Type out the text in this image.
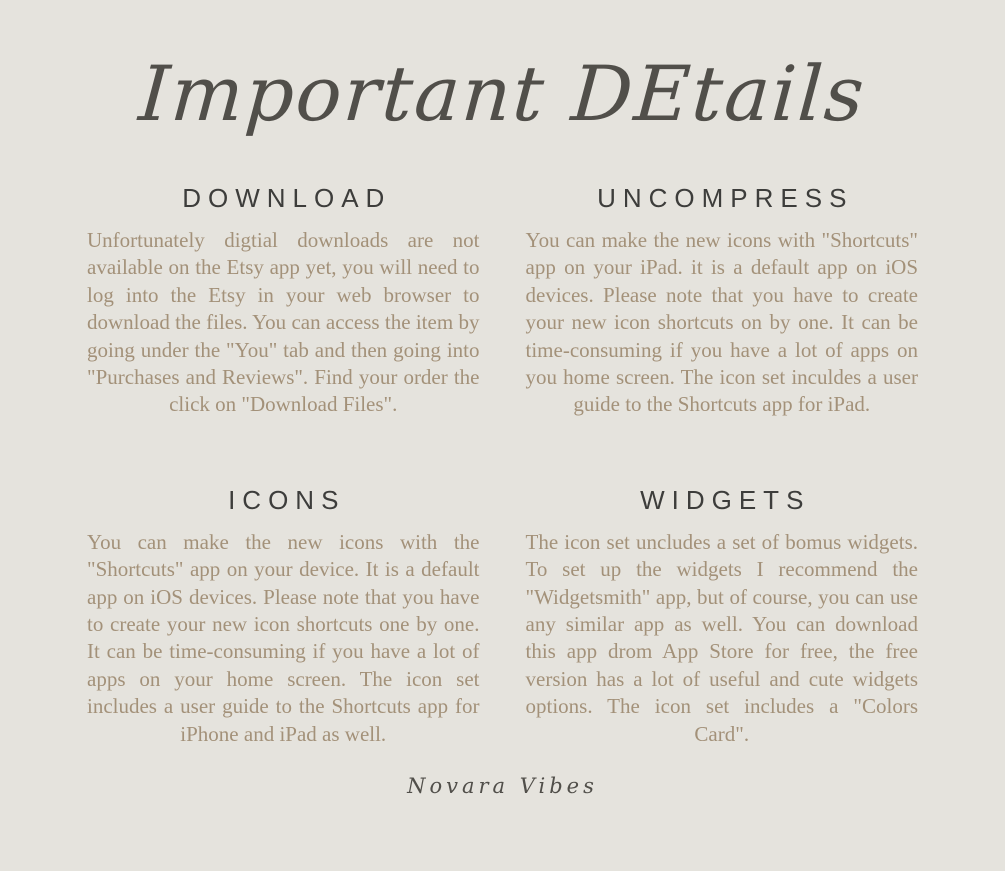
Important DEtails
DOWNLOAD

Unfortunately digtial downloads are not available on the Etsy app yet, you will need to log into the Etsy in your web browser to download the files. You can access the item by going under the "You" tab and then going into "Purchases and Reviews". Find your order the click on "Download Files".

UNCOMPRESS

You can make the new icons with "Shortcuts" app on your iPad. it is a default app on iOS devices. Please note that you have to create your new icon shortcuts on by one. It can be time-consuming if you have a lot of apps on you home screen. The icon set inculdes a user guide to the Shortcuts app for iPad.

ICONS

You can make the new icons with the "Shortcuts" app on your device. It is a default app on iOS devices. Please note that you have to create your new icon shortcuts one by one. It can be time-consuming if you have a lot of apps on your home screen. The icon set includes a user guide to the Shortcuts app for iPhone and iPad as well.

WIDGETS

The icon set uncludes a set of bomus widgets. To set up the widgets I recommend the "Widgetsmith" app, but of course, you can use any similar app as well. You can download this app drom App Store for free, the free version has a lot of useful and cute widgets options. The icon set includes a "Colors Card".

Novara Vibes
